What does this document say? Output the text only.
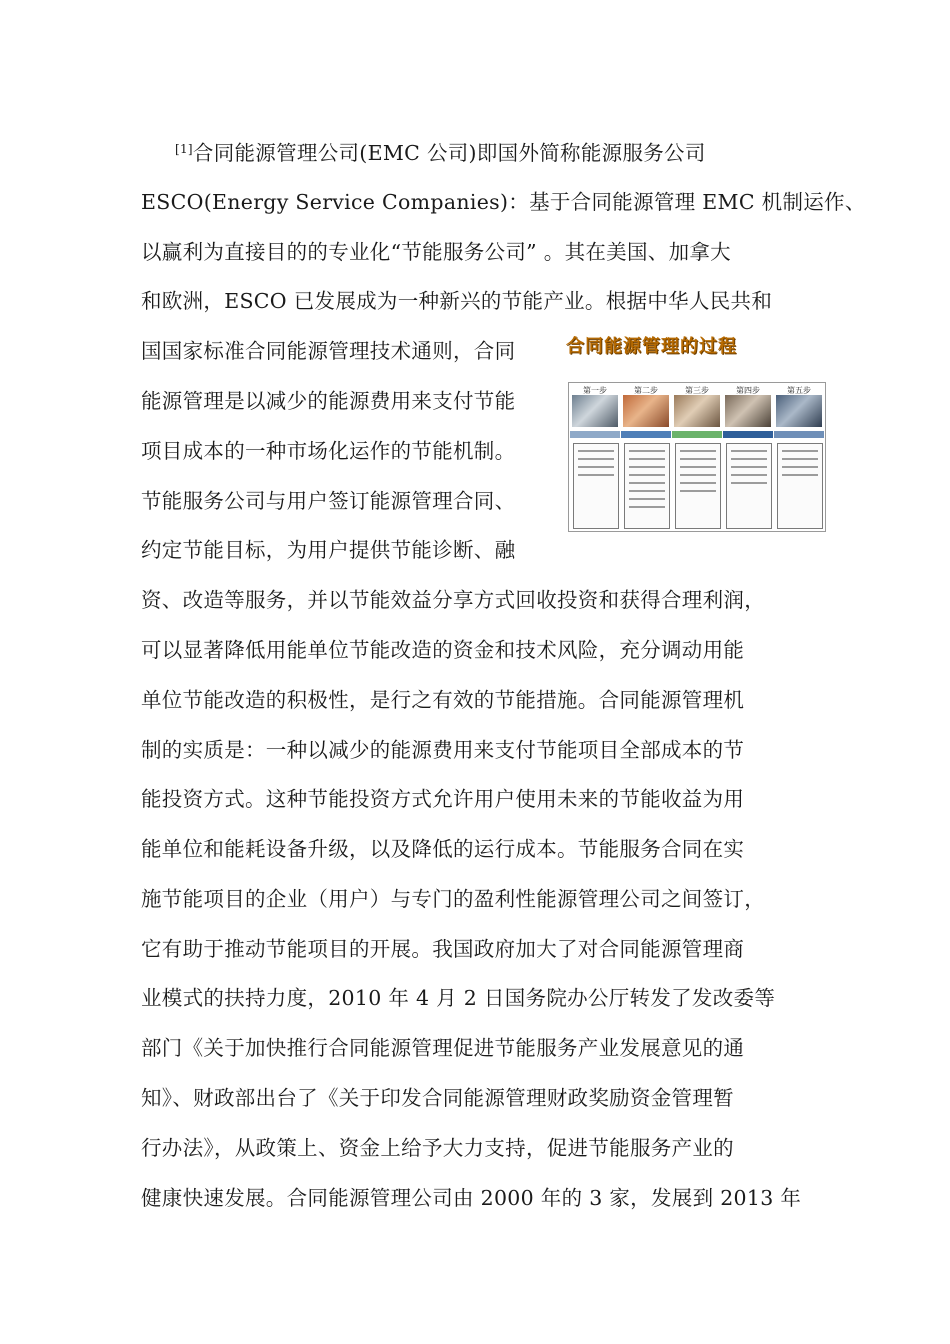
[1]合同能源管理公司(EMC 公司)即国外简称能源服务公司
ESCO(Energy Service Companies)：基于合同能源管理 EMC 机制运作、
以赢利为直接目的的专业化“节能服务公司” 。其在美国、加拿大
和欧洲，ESCO 已发展成为一种新兴的节能产业。根据中华人民共和
国国家标准合同能源管理技术通则，合同
能源管理是以减少的能源费用来支付节能
项目成本的一种市场化运作的节能机制。
节能服务公司与用户签订能源管理合同、
约定节能目标，为用户提供节能诊断、融
资、改造等服务，并以节能效益分享方式回收投资和获得合理利润，
可以显著降低用能单位节能改造的资金和技术风险，充分调动用能
单位节能改造的积极性，是行之有效的节能措施。合同能源管理机
制的实质是：一种以减少的能源费用来支付节能项目全部成本的节
能投资方式。这种节能投资方式允许用户使用未来的节能收益为用
能单位和能耗设备升级，以及降低的运行成本。节能服务合同在实
施节能项目的企业（用户）与专门的盈利性能源管理公司之间签订，
它有助于推动节能项目的开展。我国政府加大了对合同能源管理商
业模式的扶持力度，2010 年 4 月 2 日国务院办公厅转发了发改委等
部门《关于加快推行合同能源管理促进节能服务产业发展意见的通
知》、财政部出台了《关于印发合同能源管理财政奖励资金管理暂
行办法》，从政策上、资金上给予大力支持，促进节能服务产业的
健康快速发展。合同能源管理公司由 2000 年的 3 家，发展到 2013 年
合同能源管理的过程
第一步	第二步	第三步	第四步	第五步
